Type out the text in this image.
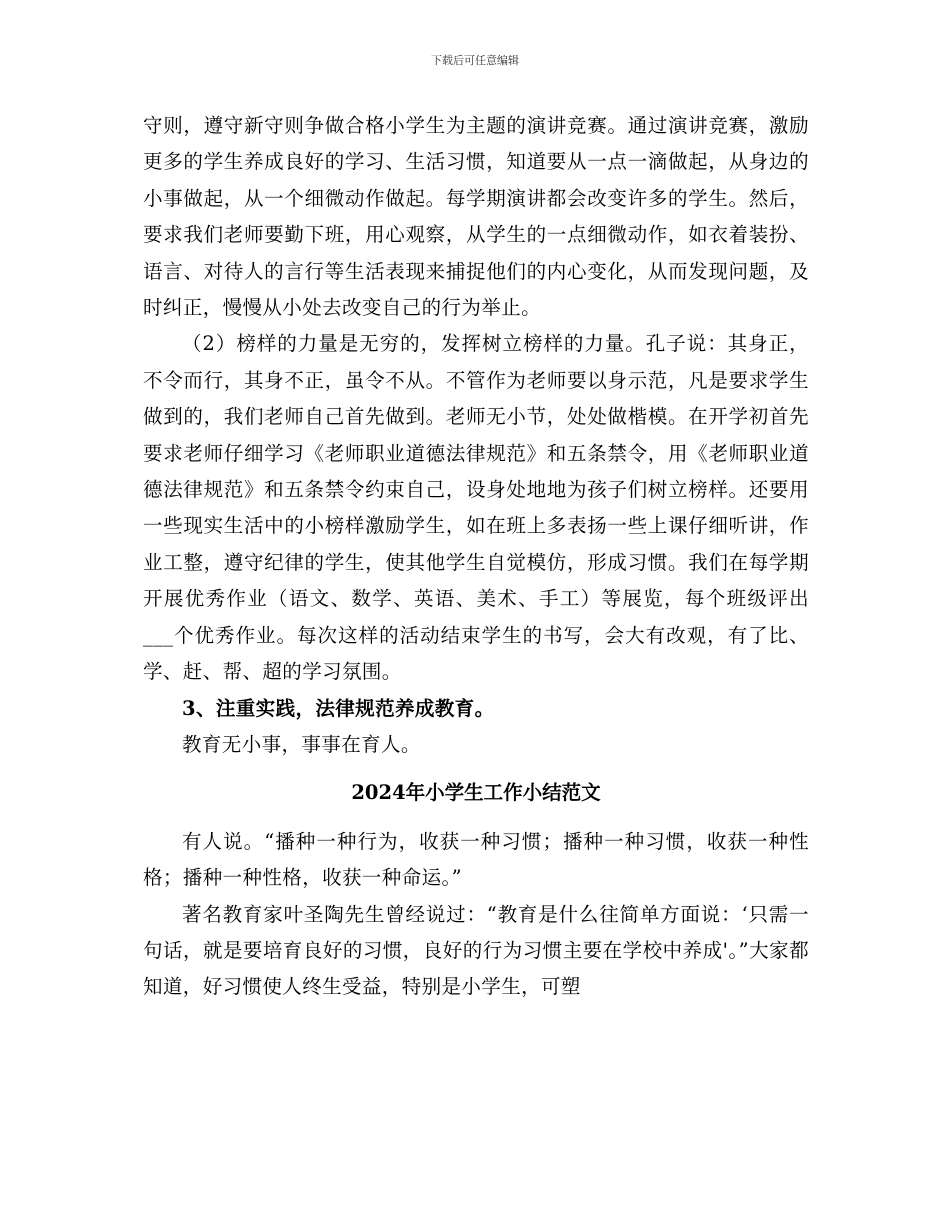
下载后可任意编辑

守则，遵守新守则争做合格小学生为主题的演讲竞赛。通过演讲竞赛，激励更多的学生养成良好的学习、生活习惯，知道要从一点一滴做起，从身边的小事做起，从一个细微动作做起。每学期演讲都会改变许多的学生。然后，要求我们老师要勤下班，用心观察，从学生的一点细微动作，如衣着装扮、语言、对待人的言行等生活表现来捕捉他们的内心变化，从而发现问题，及时纠正，慢慢从小处去改变自己的行为举止。

（2）榜样的力量是无穷的，发挥树立榜样的力量。孔子说：其身正，不令而行，其身不正，虽令不从。不管作为老师要以身示范，凡是要求学生做到的，我们老师自己首先做到。老师无小节，处处做楷模。在开学初首先要求老师仔细学习《老师职业道德法律规范》和五条禁令，用《老师职业道德法律规范》和五条禁令约束自己，设身处地地为孩子们树立榜样。还要用一些现实生活中的小榜样激励学生，如在班上多表扬一些上课仔细听讲，作业工整，遵守纪律的学生，使其他学生自觉模仿，形成习惯。我们在每学期开展优秀作业（语文、数学、英语、美术、手工）等展览，每个班级评出___个优秀作业。每次这样的活动结束学生的书写，会大有改观，有了比、学、赶、帮、超的学习氛围。

3、注重实践，法律规范养成教育。

教育无小事，事事在育人。

2024年小学生工作小结范文

有人说。“播种一种行为，收获一种习惯；播种一种习惯，收获一种性格；播种一种性格，收获一种命运。”

著名教育家叶圣陶先生曾经说过：“教育是什么往简单方面说：‘只需一句话，就是要培育良好的习惯，良好的行为习惯主要在学校中养成'。”大家都知道，好习惯使人终生受益，特别是小学生，可塑
